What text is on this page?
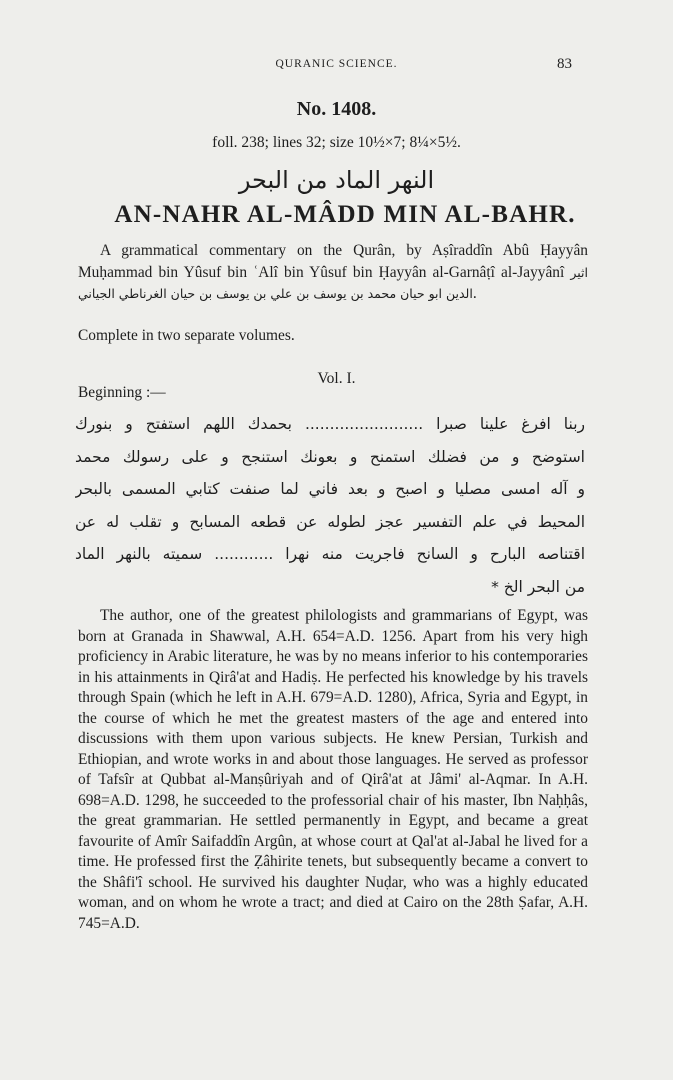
QURANIC SCIENCE.	83
No. 1408.
foll. 238; lines 32; size 10½×7; 8¼×5½.
النهر الماد من البحر
AN-NAHR AL-MÂDD MIN AL-BAHR.
A grammatical commentary on the Qurân, by Aṣîraddîn Abû Ḥayyân Muḥammad bin Yûsuf bin ʿAlî bin Yûsuf bin Ḥayyân al-Garnâṭî al-Jayyânî اثير الدين ابو حيان محمد بن يوسف بن علي بن يوسف بن حيان الغرناطي الجياني.
Complete in two separate volumes.
Vol. I.
Beginning :—
ربنا افرغ علينا صبرا ........................ بحمدك اللهم استفتح و بنورك
استوضح و من فضلك استمنح و بعونك استنجح و علی رسولك محمد
و آله امسی مصليا و اصبح و بعد فاني لما صنفت كتابي المسمی بالبحر
المحيط في علم التفسير عجز لطوله عن قطعه المسابح و تقلب له عن
اقتناصه البارح و السانح فاجريت منه نهرا ............ سميته بالنهر الماد
من البحر الخ *

The author, one of the greatest philologists and grammarians of Egypt, was born at Granada in Shawwal, A.H. 654=A.D. 1256. Apart from his very high proficiency in Arabic literature, he was by no means inferior to his contemporaries in his attainments in Qirâ'at and Hadiṣ. He perfected his knowledge by his travels through Spain (which he left in A.H. 679=A.D. 1280), Africa, Syria and Egypt, in the course of which he met the greatest masters of the age and entered into discussions with them upon various subjects. He knew Persian, Turkish and Ethiopian, and wrote works in and about those languages. He served as professor of Tafsîr at Qubbat al-Manṣûriyah and of Qirâ'at at Jâmi' al-Aqmar. In A.H. 698=A.D. 1298, he succeeded to the professorial chair of his master, Ibn Naḥḥâs, the great grammarian. He settled permanently in Egypt, and became a great favourite of Amîr Saifaddîn Argûn, at whose court at Qal'at al-Jabal he lived for a time. He professed first the Ẓâhirite tenets, but subsequently became a convert to the Shâfi'î school. He survived his daughter Nuḍar, who was a highly educated woman, and on whom he wrote a tract; and died at Cairo on the 28th Ṣafar, A.H. 745=A.D.
